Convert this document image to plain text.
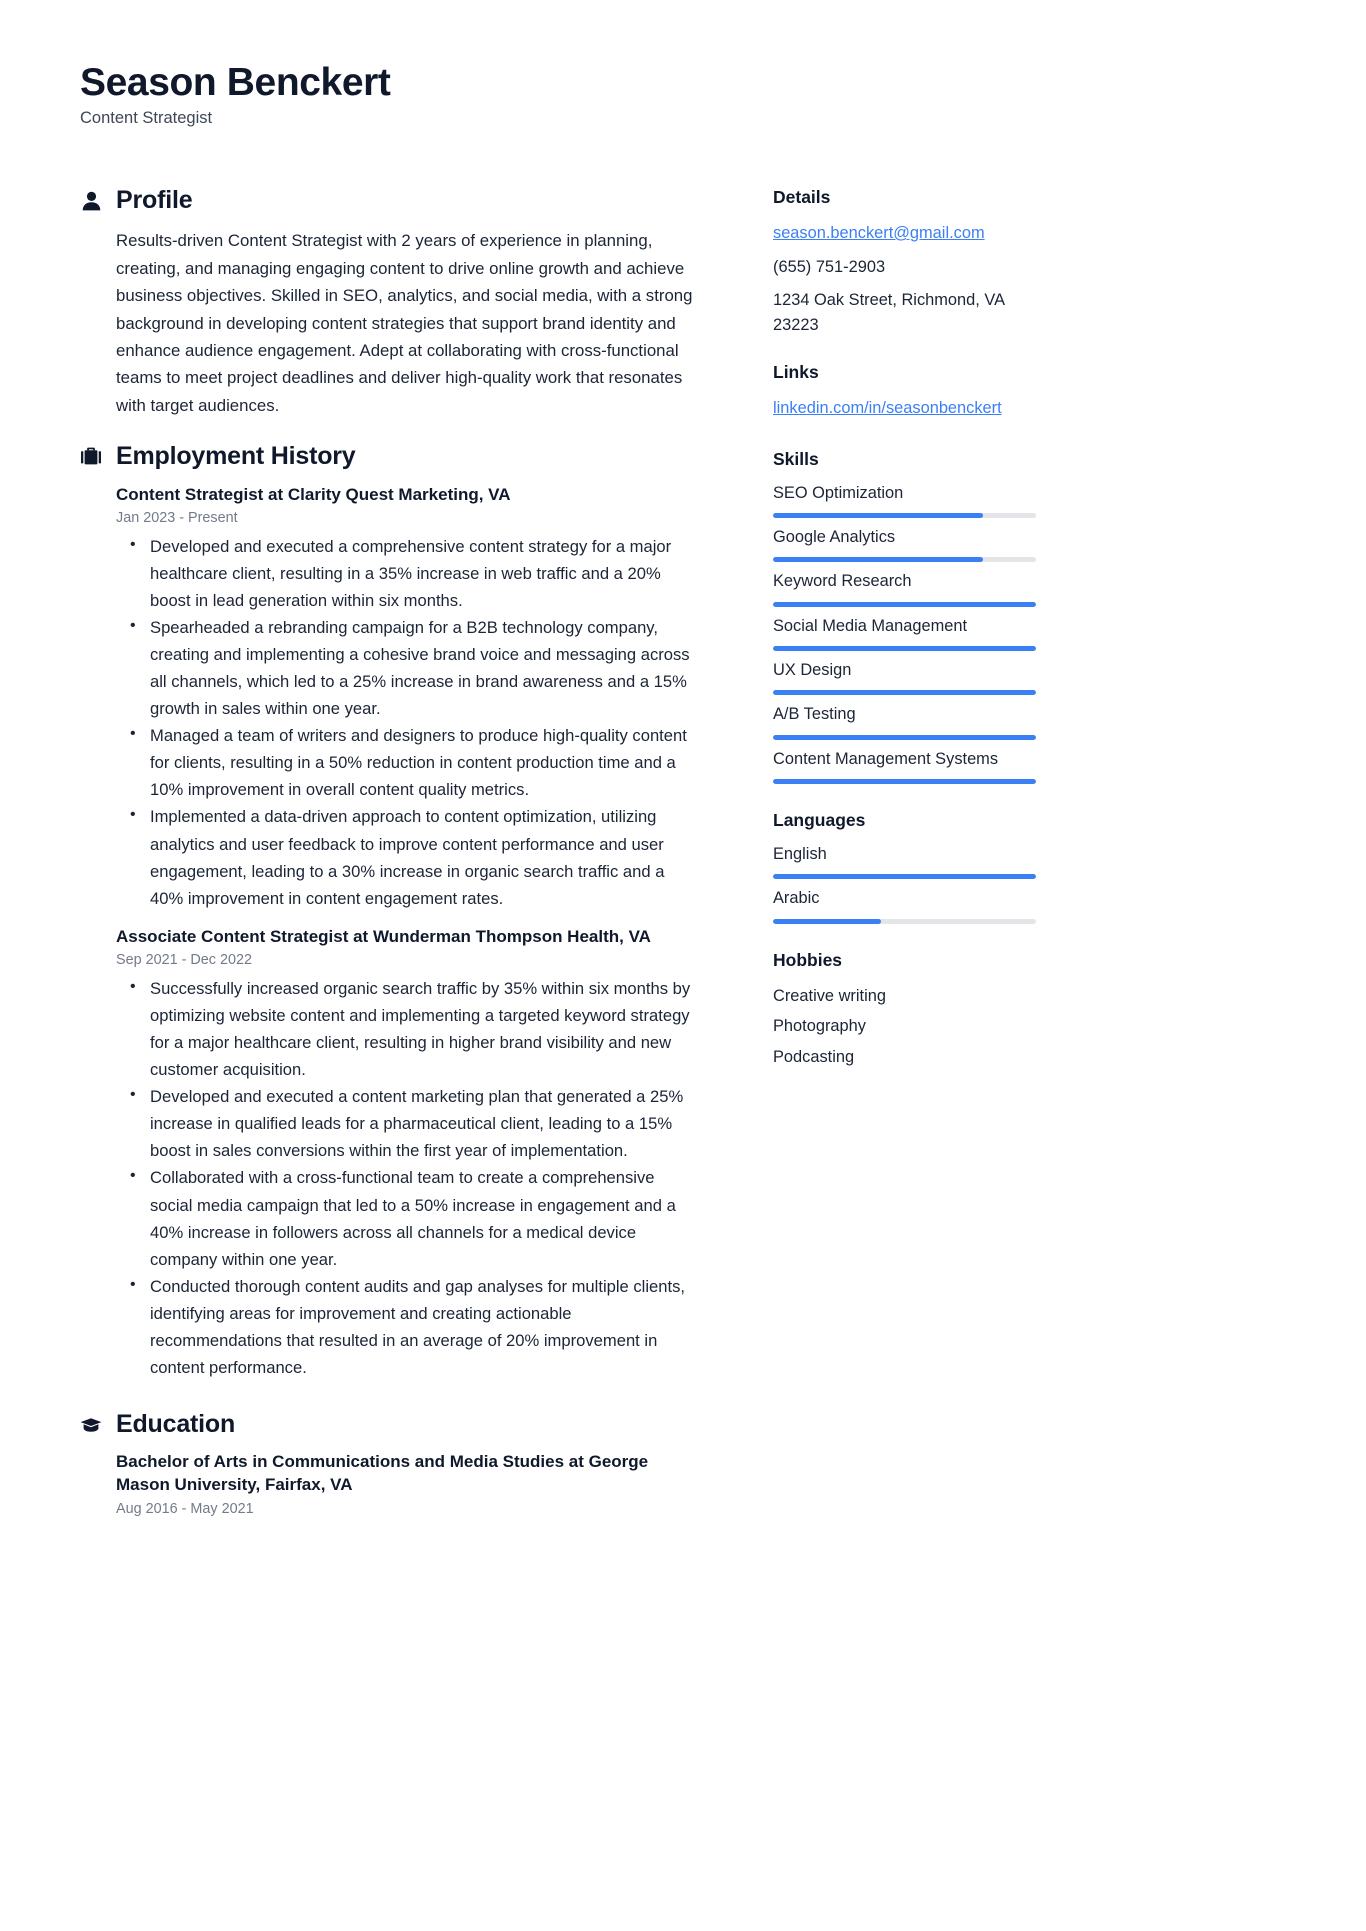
Season Benckert
Content Strategist
Profile

Results-driven Content Strategist with 2 years of experience in planning, creating, and managing engaging content to drive online growth and achieve business objectives. Skilled in SEO, analytics, and social media, with a strong background in developing content strategies that support brand identity and enhance audience engagement. Adept at collaborating with cross-functional teams to meet project deadlines and deliver high-quality work that resonates with target audiences.

Employment History
Content Strategist at Clarity Quest Marketing, VA
Jan 2023 - Present
• Developed and executed a comprehensive content strategy for a major healthcare client, resulting in a 35% increase in web traffic and a 20% boost in lead generation within six months.
• Spearheaded a rebranding campaign for a B2B technology company, creating and implementing a cohesive brand voice and messaging across all channels, which led to a 25% increase in brand awareness and a 15% growth in sales within one year.
• Managed a team of writers and designers to produce high-quality content for clients, resulting in a 50% reduction in content production time and a 10% improvement in overall content quality metrics.
• Implemented a data-driven approach to content optimization, utilizing analytics and user feedback to improve content performance and user engagement, leading to a 30% increase in organic search traffic and a 40% improvement in content engagement rates.
Associate Content Strategist at Wunderman Thompson Health, VA
Sep 2021 - Dec 2022
• Successfully increased organic search traffic by 35% within six months by optimizing website content and implementing a targeted keyword strategy for a major healthcare client, resulting in higher brand visibility and new customer acquisition.
• Developed and executed a content marketing plan that generated a 25% increase in qualified leads for a pharmaceutical client, leading to a 15% boost in sales conversions within the first year of implementation.
• Collaborated with a cross-functional team to create a comprehensive social media campaign that led to a 50% increase in engagement and a 40% increase in followers across all channels for a medical device company within one year.
• Conducted thorough content audits and gap analyses for multiple clients, identifying areas for improvement and creating actionable recommendations that resulted in an average of 20% improvement in content performance.
Education
Bachelor of Arts in Communications and Media Studies at George Mason University, Fairfax, VA
Aug 2016 - May 2021
Details
season.benckert@gmail.com
(655) 751-2903
1234 Oak Street, Richmond, VA 23223
Links
linkedin.com/in/seasonbenckert
Skills
SEO Optimization
Google Analytics
Keyword Research
Social Media Management
UX Design
A/B Testing
Content Management Systems
Languages
English
Arabic
Hobbies
Creative writing
Photography
Podcasting
